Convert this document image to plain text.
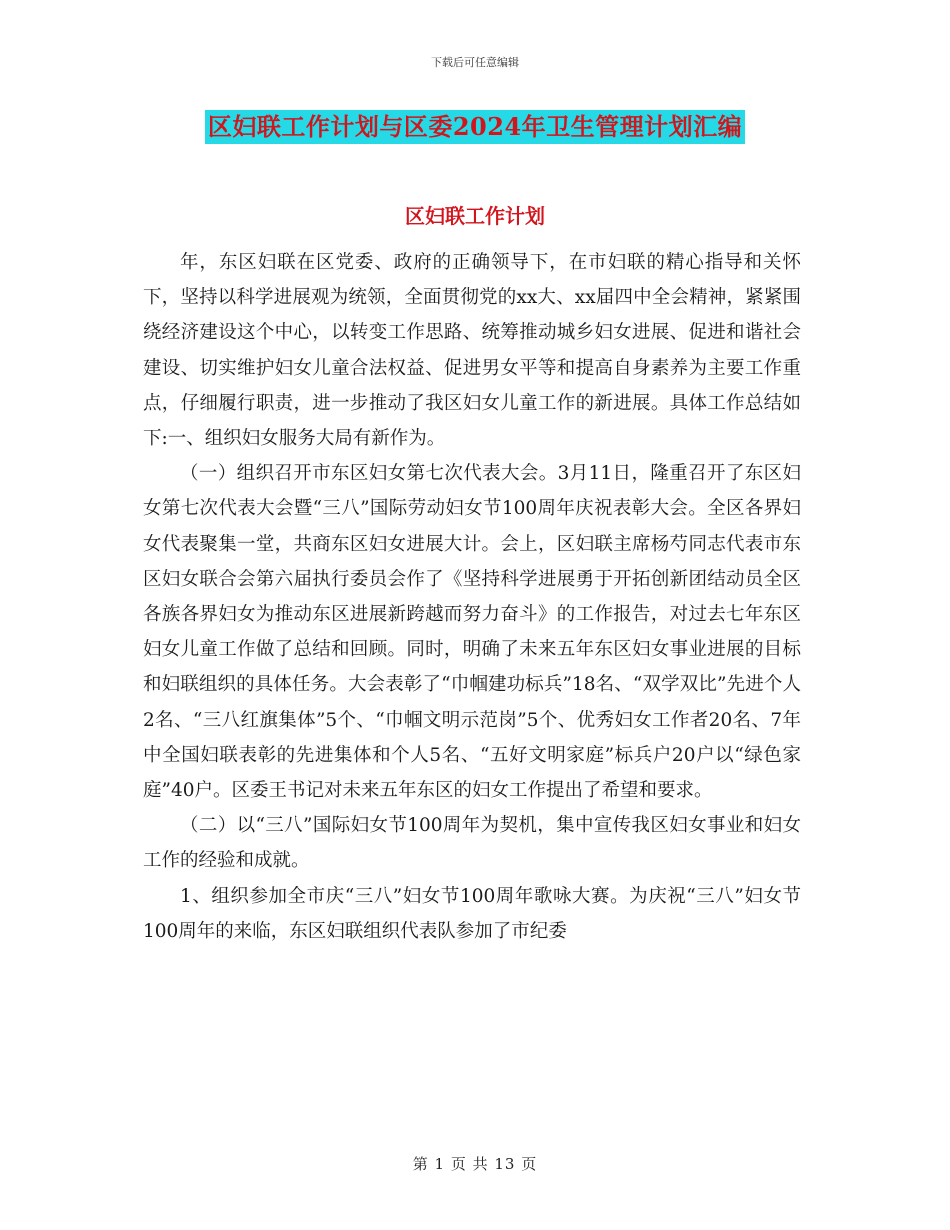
下载后可任意编辑
区妇联工作计划与区委2024年卫生管理计划汇编
区妇联工作计划

年，东区妇联在区党委、政府的正确领导下，在市妇联的精心指导和关怀下，坚持以科学进展观为统领，全面贯彻党的xx大、xx届四中全会精神，紧紧围绕经济建设这个中心，以转变工作思路、统筹推动城乡妇女进展、促进和谐社会建设、切实维护妇女儿童合法权益、促进男女平等和提高自身素养为主要工作重点，仔细履行职责，进一步推动了我区妇女儿童工作的新进展。具体工作总结如下:一、组织妇女服务大局有新作为。

（一）组织召开市东区妇女第七次代表大会。3月11日，隆重召开了东区妇女第七次代表大会暨“三八”国际劳动妇女节100周年庆祝表彰大会。全区各界妇女代表聚集一堂，共商东区妇女进展大计。会上，区妇联主席杨芍同志代表市东区妇女联合会第六届执行委员会作了《坚持科学进展勇于开拓创新团结动员全区各族各界妇女为推动东区进展新跨越而努力奋斗》的工作报告，对过去七年东区妇女儿童工作做了总结和回顾。同时，明确了未来五年东区妇女事业进展的目标和妇联组织的具体任务。大会表彰了“巾帼建功标兵”18名、“双学双比”先进个人2名、“三八红旗集体”5个、“巾帼文明示范岗”5个、优秀妇女工作者20名、7年中全国妇联表彰的先进集体和个人5名、“五好文明家庭”标兵户20户以“绿色家庭”40户。区委王书记对未来五年东区的妇女工作提出了希望和要求。

（二）以“三八”国际妇女节100周年为契机，集中宣传我区妇女事业和妇女工作的经验和成就。

1、组织参加全市庆“三八”妇女节100周年歌咏大赛。为庆祝“三八”妇女节100周年的来临，东区妇联组织代表队参加了市纪委

第 1 页 共 13 页
